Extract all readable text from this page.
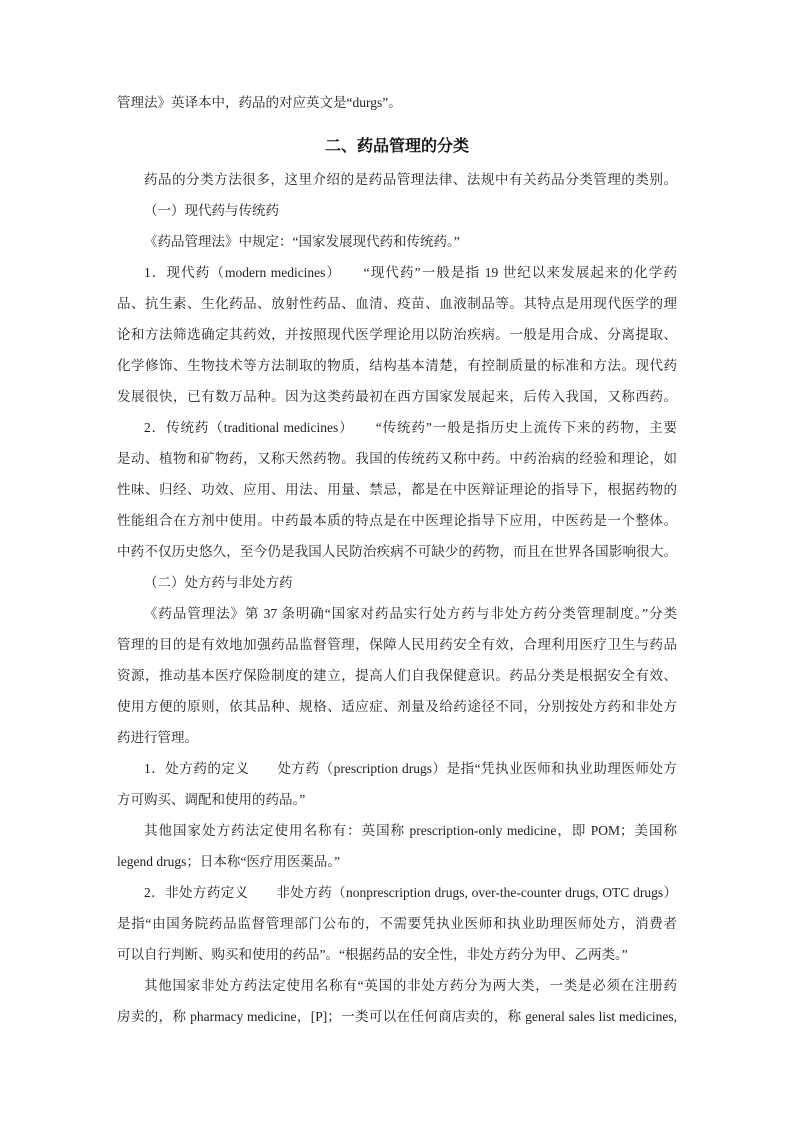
管理法》英译本中，药品的对应英文是“durgs”。
二、药品管理的分类
药品的分类方法很多，这里介绍的是药品管理法律、法规中有关药品分类管理的类别。
（一）现代药与传统药
《药品管理法》中规定：“国家发展现代药和传统药。”
1．现代药（modern medicines）　　“现代药”一般是指 19 世纪以来发展起来的化学药
品、抗生素、生化药品、放射性药品、血清、疫苗、血液制品等。其特点是用现代医学的理
论和方法筛选确定其药效，并按照现代医学理论用以防治疾病。一般是用合成、分离提取、
化学修饰、生物技术等方法制取的物质，结构基本清楚，有控制质量的标准和方法。现代药
发展很快，已有数万品种。因为这类药最初在西方国家发展起来，后传入我国，又称西药。
2．传统药（traditional medicines）　　“传统药”一般是指历史上流传下来的药物，主要
是动、植物和矿物药，又称天然药物。我国的传统药又称中药。中药治病的经验和理论，如
性味、归经、功效、应用、用法、用量、禁忌，都是在中医辩证理论的指导下，根据药物的
性能组合在方剂中使用。中药最本质的特点是在中医理论指导下应用，中医药是一个整体。
中药不仅历史悠久，至今仍是我国人民防治疾病不可缺少的药物，而且在世界各国影响很大。
（二）处方药与非处方药
《药品管理法》第 37 条明确“国家对药品实行处方药与非处方药分类管理制度。”分类
管理的目的是有效地加强药品监督管理，保障人民用药安全有效，合理利用医疗卫生与药品
资源，推动基本医疗保险制度的建立，提高人们自我保健意识。药品分类是根据安全有效、
使用方便的原则，依其品种、规格、适应症、剂量及给药途径不同，分别按处方药和非处方
药进行管理。
1．处方药的定义　　处方药（prescription drugs）是指“凭执业医师和执业助理医师处方
方可购买、调配和使用的药品。”
其他国家处方药法定使用名称有：英国称 prescription-only medicine，即 POM；美国称
legend drugs；日本称“医疗用医薬品。”
2．非处方药定义　　非处方药（nonprescription drugs, over-the-counter drugs, OTC drugs）
是指“由国务院药品监督管理部门公布的，不需要凭执业医师和执业助理医师处方，消费者
可以自行判断、购买和使用的药品”。“根据药品的安全性，非处方药分为甲、乙两类。”
其他国家非处方药法定使用名称有“英国的非处方药分为两大类，一类是必须在注册药
房卖的，称 pharmacy medicine，[P]；一类可以在任何商店卖的，称 general sales list medicines,
